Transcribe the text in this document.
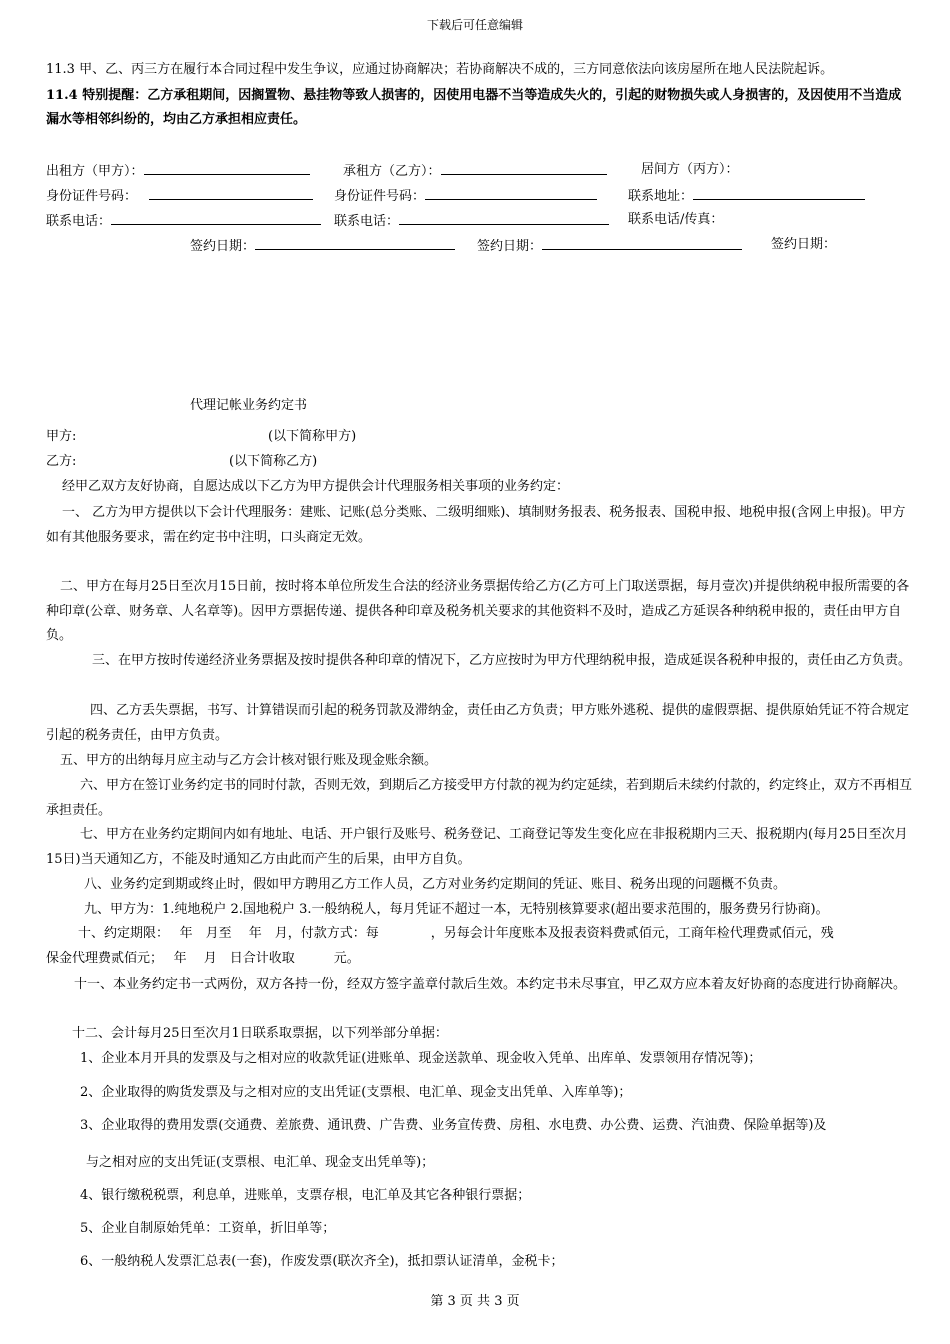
下载后可任意编辑
11.3 甲、乙、丙三方在履行本合同过程中发生争议，应通过协商解决；若协商解决不成的，三方同意依法向该房屋所在地人民法院起诉。
11.4 特别提醒：乙方承租期间，因搁置物、悬挂物等致人损害的，因使用电器不当等造成失火的，引起的财物损失或人身损害的，及因使用不当造成漏水等相邻纠纷的，均由乙方承担相应责任。
出租方（甲方）：	承租方（乙方）：	居间方（丙方）：
身份证件号码：	身份证件号码：	联系地址：
联系电话：	联系电话：	联系电话/传真：
签约日期：	签约日期：	签约日期：
代理记帐业务约定书
甲方:	(以下简称甲方)
乙方:	(以下简称乙方)
经甲乙双方友好协商，自愿达成以下乙方为甲方提供会计代理服务相关事项的业务约定：
一、 乙方为甲方提供以下会计代理服务：建账、记账(总分类账、二级明细账)、填制财务报表、税务报表、国税申报、地税申报(含网上申报)。甲方如有其他服务要求，需在约定书中注明，口头商定无效。
二、甲方在每月25日至次月15日前，按时将本单位所发生合法的经济业务票据传给乙方(乙方可上门取送票据，每月壹次)并提供纳税申报所需要的各种印章(公章、财务章、人名章等)。因甲方票据传递、提供各种印章及税务机关要求的其他资料不及时，造成乙方延误各种纳税申报的，责任由甲方自负。
三、在甲方按时传递经济业务票据及按时提供各种印章的情况下，乙方应按时为甲方代理纳税申报，造成延误各税种申报的，责任由乙方负责。
四、乙方丢失票据，书写、计算错误而引起的税务罚款及滞纳金，责任由乙方负责；甲方账外逃税、提供的虚假票据、提供原始凭证不符合规定引起的税务责任，由甲方负责。
五、甲方的出纳每月应主动与乙方会计核对银行账及现金账余额。
六、甲方在签订业务约定书的同时付款，否则无效，到期后乙方接受甲方付款的视为约定延续，若到期后未续约付款的，约定终止，双方不再相互承担责任。
七、甲方在业务约定期间内如有地址、电话、开户银行及账号、税务登记、工商登记等发生变化应在非报税期内三天、报税期内(每月25日至次月15日)当天通知乙方，不能及时通知乙方由此而产生的后果，由甲方自负。
八、业务约定到期或终止时，假如甲方聘用乙方工作人员，乙方对业务约定期间的凭证、账目、税务出现的问题概不负责。
九、甲方为：1.纯地税户 2.国地税户 3.一般纳税人，每月凭证不超过一本，无特别核算要求(超出要求范围的，服务费另行协商)。
十、约定期限：　 年　月至　 年　月，付款方式：每　　　　，另每会计年度账本及报表资料费贰佰元，工商年检代理费贰佰元，残
保金代理费贰佰元；　 年　 月　日合计收取　　　元。
十一、本业务约定书一式两份，双方各持一份，经双方签字盖章付款后生效。本约定书未尽事宜，甲乙双方应本着友好协商的态度进行协商解决。
十二、会计每月25日至次月1日联系取票据，以下列举部分单据：
1、企业本月开具的发票及与之相对应的收款凭证(进账单、现金送款单、现金收入凭单、出库单、发票领用存情况等)；
2、企业取得的购货发票及与之相对应的支出凭证(支票根、电汇单、现金支出凭单、入库单等)；
3、企业取得的费用发票(交通费、差旅费、通讯费、广告费、业务宣传费、房租、水电费、办公费、运费、汽油费、保险单据等)及
与之相对应的支出凭证(支票根、电汇单、现金支出凭单等)；
4、银行缴税税票，利息单，进账单，支票存根，电汇单及其它各种银行票据；
5、企业自制原始凭单：工资单，折旧单等；
6、一般纳税人发票汇总表(一套)，作废发票(联次齐全)，抵扣票认证清单，金税卡；
第 3 页 共 3 页
